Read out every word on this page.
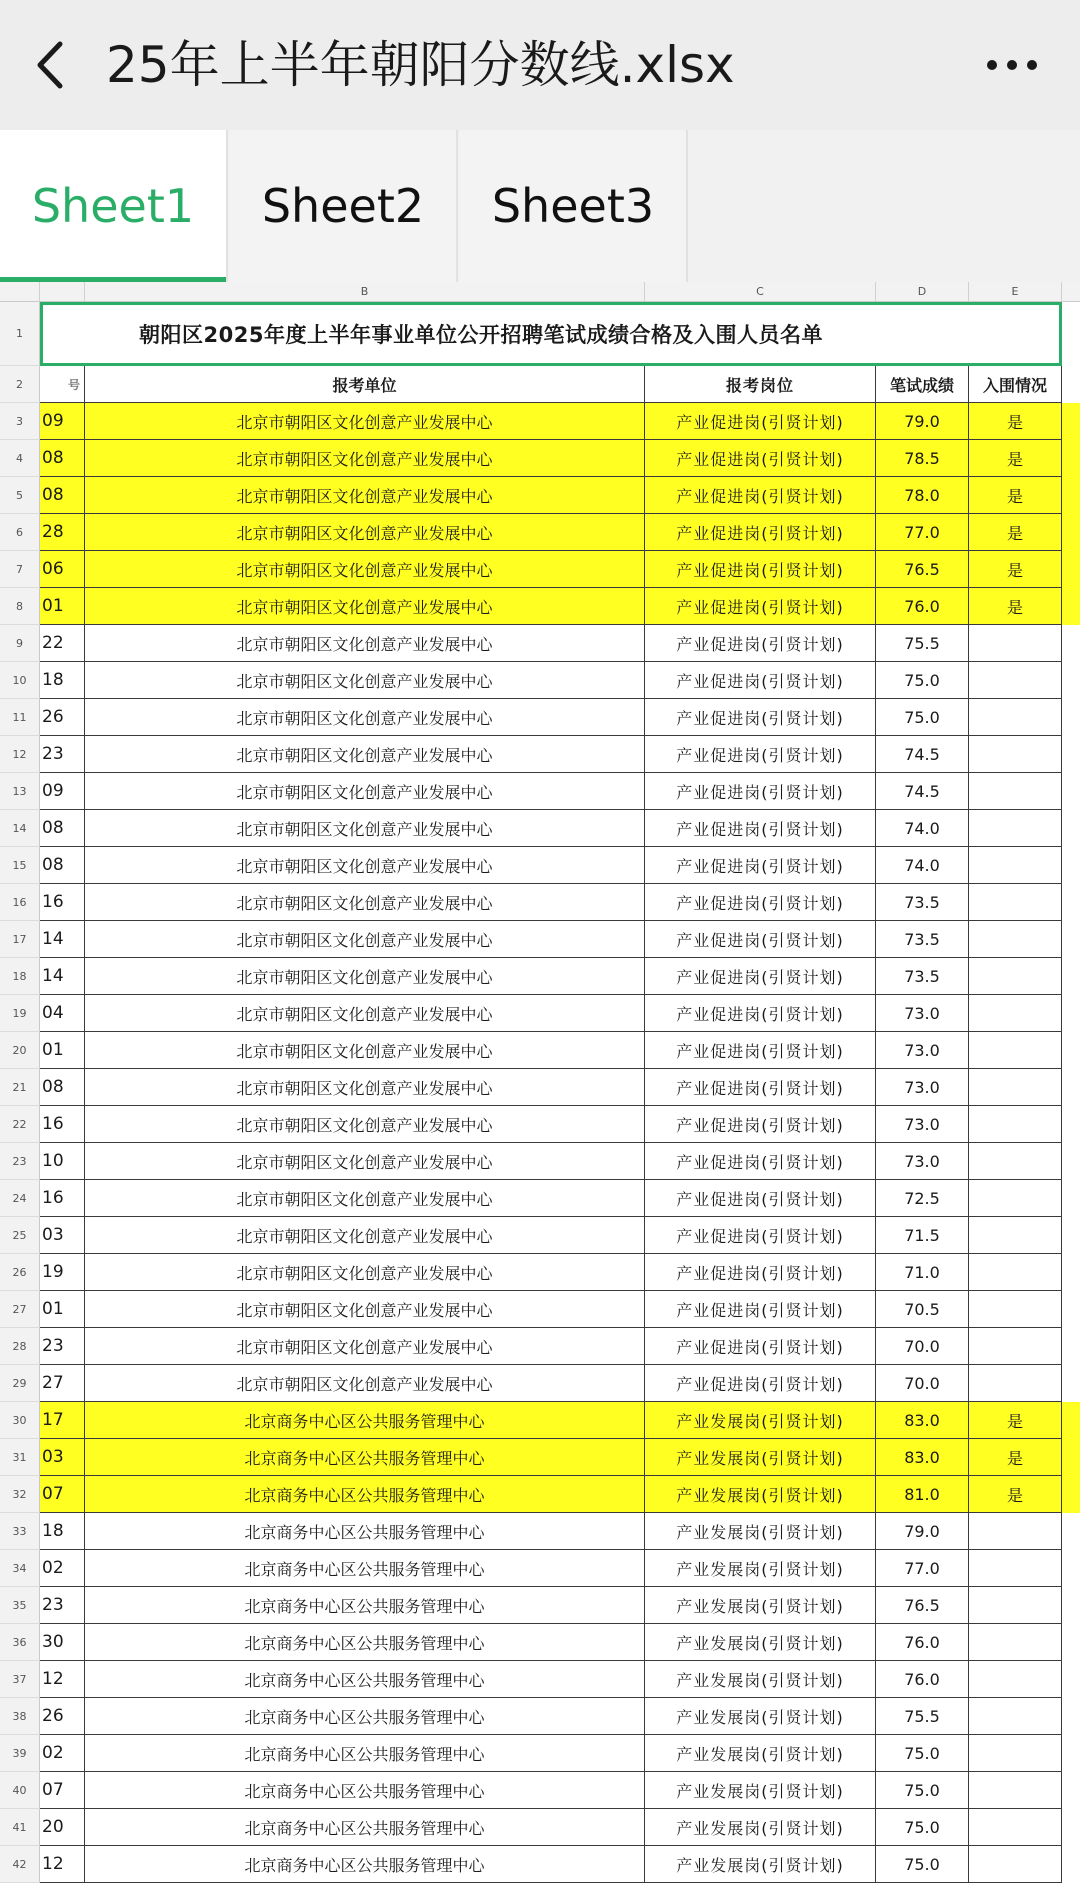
25年上半年朝阳分数线.xlsx
Sheet1	Sheet2	Sheet3
B	C	D	E
1	朝阳区2025年度上半年事业单位公开招聘笔试成绩合格及入围人员名单
2	号	报考单位	报考岗位	笔试成绩	入围情况
3	09	北京市朝阳区文化创意产业发展中心	产业促进岗(引贤计划)	79.0	是
4	08	北京市朝阳区文化创意产业发展中心	产业促进岗(引贤计划)	78.5	是
5	08	北京市朝阳区文化创意产业发展中心	产业促进岗(引贤计划)	78.0	是
6	28	北京市朝阳区文化创意产业发展中心	产业促进岗(引贤计划)	77.0	是
7	06	北京市朝阳区文化创意产业发展中心	产业促进岗(引贤计划)	76.5	是
8	01	北京市朝阳区文化创意产业发展中心	产业促进岗(引贤计划)	76.0	是
9	22	北京市朝阳区文化创意产业发展中心	产业促进岗(引贤计划)	75.5
10 18	北京市朝阳区文化创意产业发展中心	产业促进岗(引贤计划)	75.0
11 26	北京市朝阳区文化创意产业发展中心	产业促进岗(引贤计划)	75.0
12 23	北京市朝阳区文化创意产业发展中心	产业促进岗(引贤计划)	74.5
13 09	北京市朝阳区文化创意产业发展中心	产业促进岗(引贤计划)	74.5
14 08	北京市朝阳区文化创意产业发展中心	产业促进岗(引贤计划)	74.0
15 08	北京市朝阳区文化创意产业发展中心	产业促进岗(引贤计划)	74.0
16 16	北京市朝阳区文化创意产业发展中心	产业促进岗(引贤计划)	73.5
17 14	北京市朝阳区文化创意产业发展中心	产业促进岗(引贤计划)	73.5
18 14	北京市朝阳区文化创意产业发展中心	产业促进岗(引贤计划)	73.5
19 04	北京市朝阳区文化创意产业发展中心	产业促进岗(引贤计划)	73.0
20 01	北京市朝阳区文化创意产业发展中心	产业促进岗(引贤计划)	73.0
21 08	北京市朝阳区文化创意产业发展中心	产业促进岗(引贤计划)	73.0
22 16	北京市朝阳区文化创意产业发展中心	产业促进岗(引贤计划)	73.0
23 10	北京市朝阳区文化创意产业发展中心	产业促进岗(引贤计划)	73.0
24 16	北京市朝阳区文化创意产业发展中心	产业促进岗(引贤计划)	72.5
25 03	北京市朝阳区文化创意产业发展中心	产业促进岗(引贤计划)	71.5
26 19	北京市朝阳区文化创意产业发展中心	产业促进岗(引贤计划)	71.0
27 01	北京市朝阳区文化创意产业发展中心	产业促进岗(引贤计划)	70.5
28 23	北京市朝阳区文化创意产业发展中心	产业促进岗(引贤计划)	70.0
29 27	北京市朝阳区文化创意产业发展中心	产业促进岗(引贤计划)	70.0
30 17	北京商务中心区公共服务管理中心	产业发展岗(引贤计划)	83.0	是
31 03	北京商务中心区公共服务管理中心	产业发展岗(引贤计划)	83.0	是
32 07	北京商务中心区公共服务管理中心	产业发展岗(引贤计划)	81.0	是
33 18	北京商务中心区公共服务管理中心	产业发展岗(引贤计划)	79.0
34 02	北京商务中心区公共服务管理中心	产业发展岗(引贤计划)	77.0
35 23	北京商务中心区公共服务管理中心	产业发展岗(引贤计划)	76.5
36 30	北京商务中心区公共服务管理中心	产业发展岗(引贤计划)	76.0
37 12	北京商务中心区公共服务管理中心	产业发展岗(引贤计划)	76.0
38 26	北京商务中心区公共服务管理中心	产业发展岗(引贤计划)	75.5
39 02	北京商务中心区公共服务管理中心	产业发展岗(引贤计划)	75.0
40 07	北京商务中心区公共服务管理中心	产业发展岗(引贤计划)	75.0
41 20	北京商务中心区公共服务管理中心	产业发展岗(引贤计划)	75.0
42 12	北京商务中心区公共服务管理中心	产业发展岗(引贤计划)	75.0
